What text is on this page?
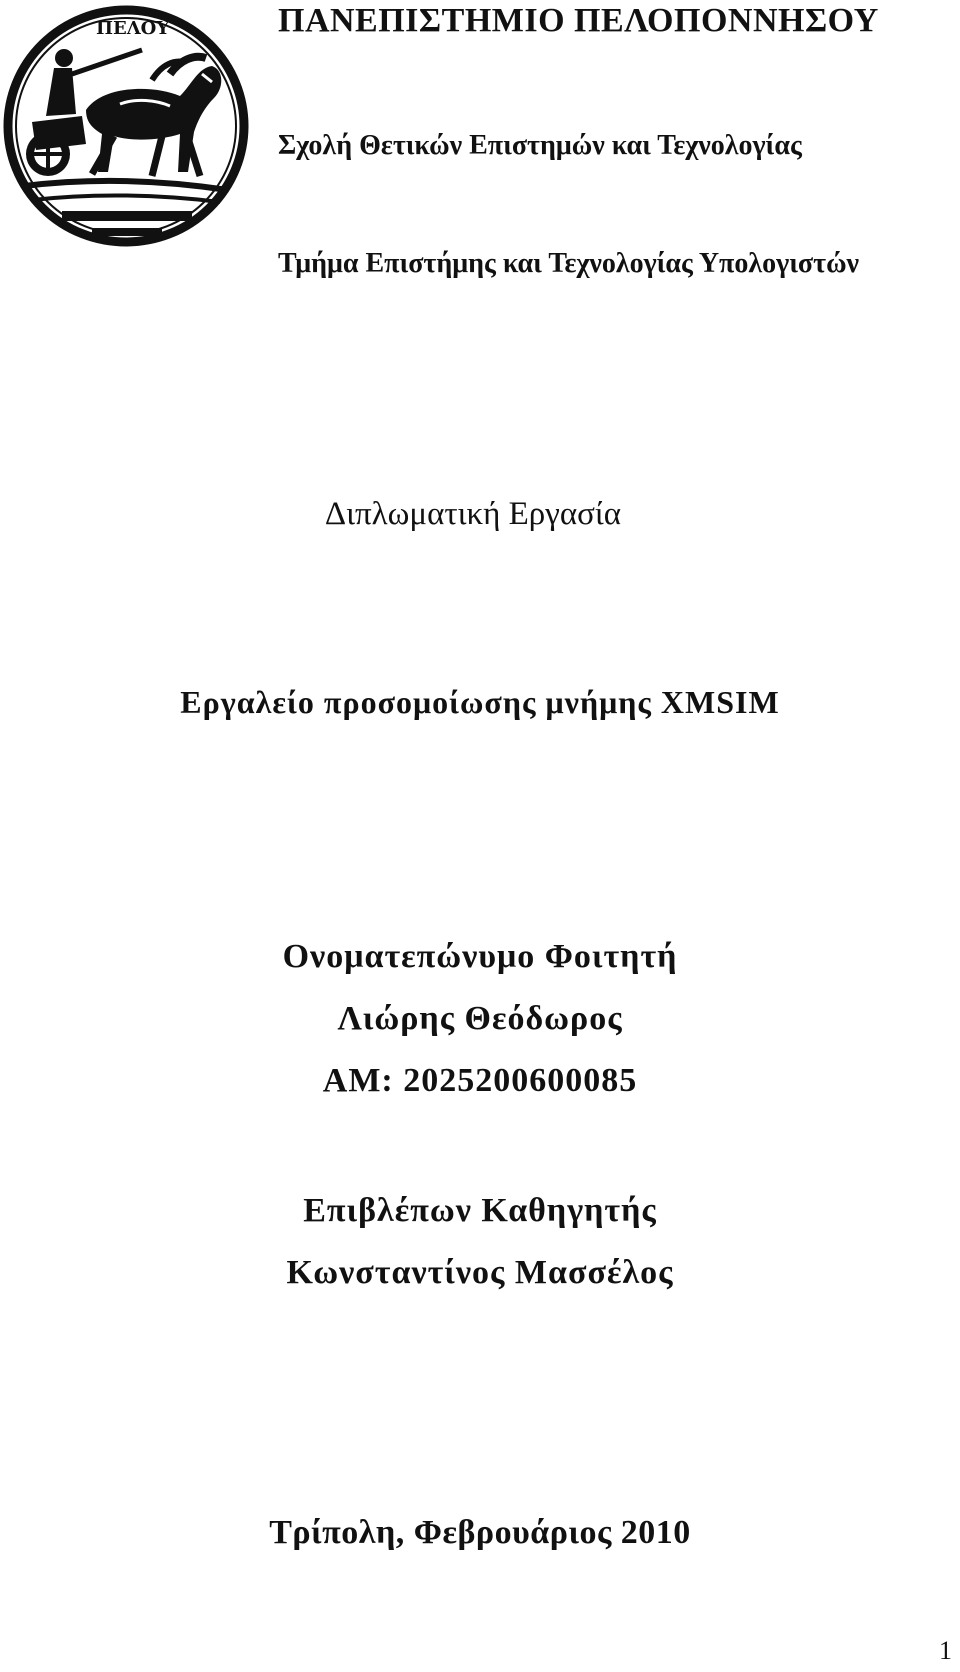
ΠΕΛΟΥ	ΠΑΝΕΠΙΣΤΗΜΙΟ ΠΕΛΟΠΟΝΝΗΣΟΥ
Σχολή Θετικών Επιστημών και Τεχνολογίας
Τμήμα Επιστήμης και Τεχνολογίας Υπολογιστών
Διπλωματική Εργασία
Εργαλείο προσομοίωσης μνήμης XMSIM
Ονοματεπώνυμο Φοιτητή
Λιώρης Θεόδωρος
ΑΜ: 2025200600085
Επιβλέπων Καθηγητής
Κωνσταντίνος Μασσέλος
Τρίπολη, Φεβρουάριος 2010
1
